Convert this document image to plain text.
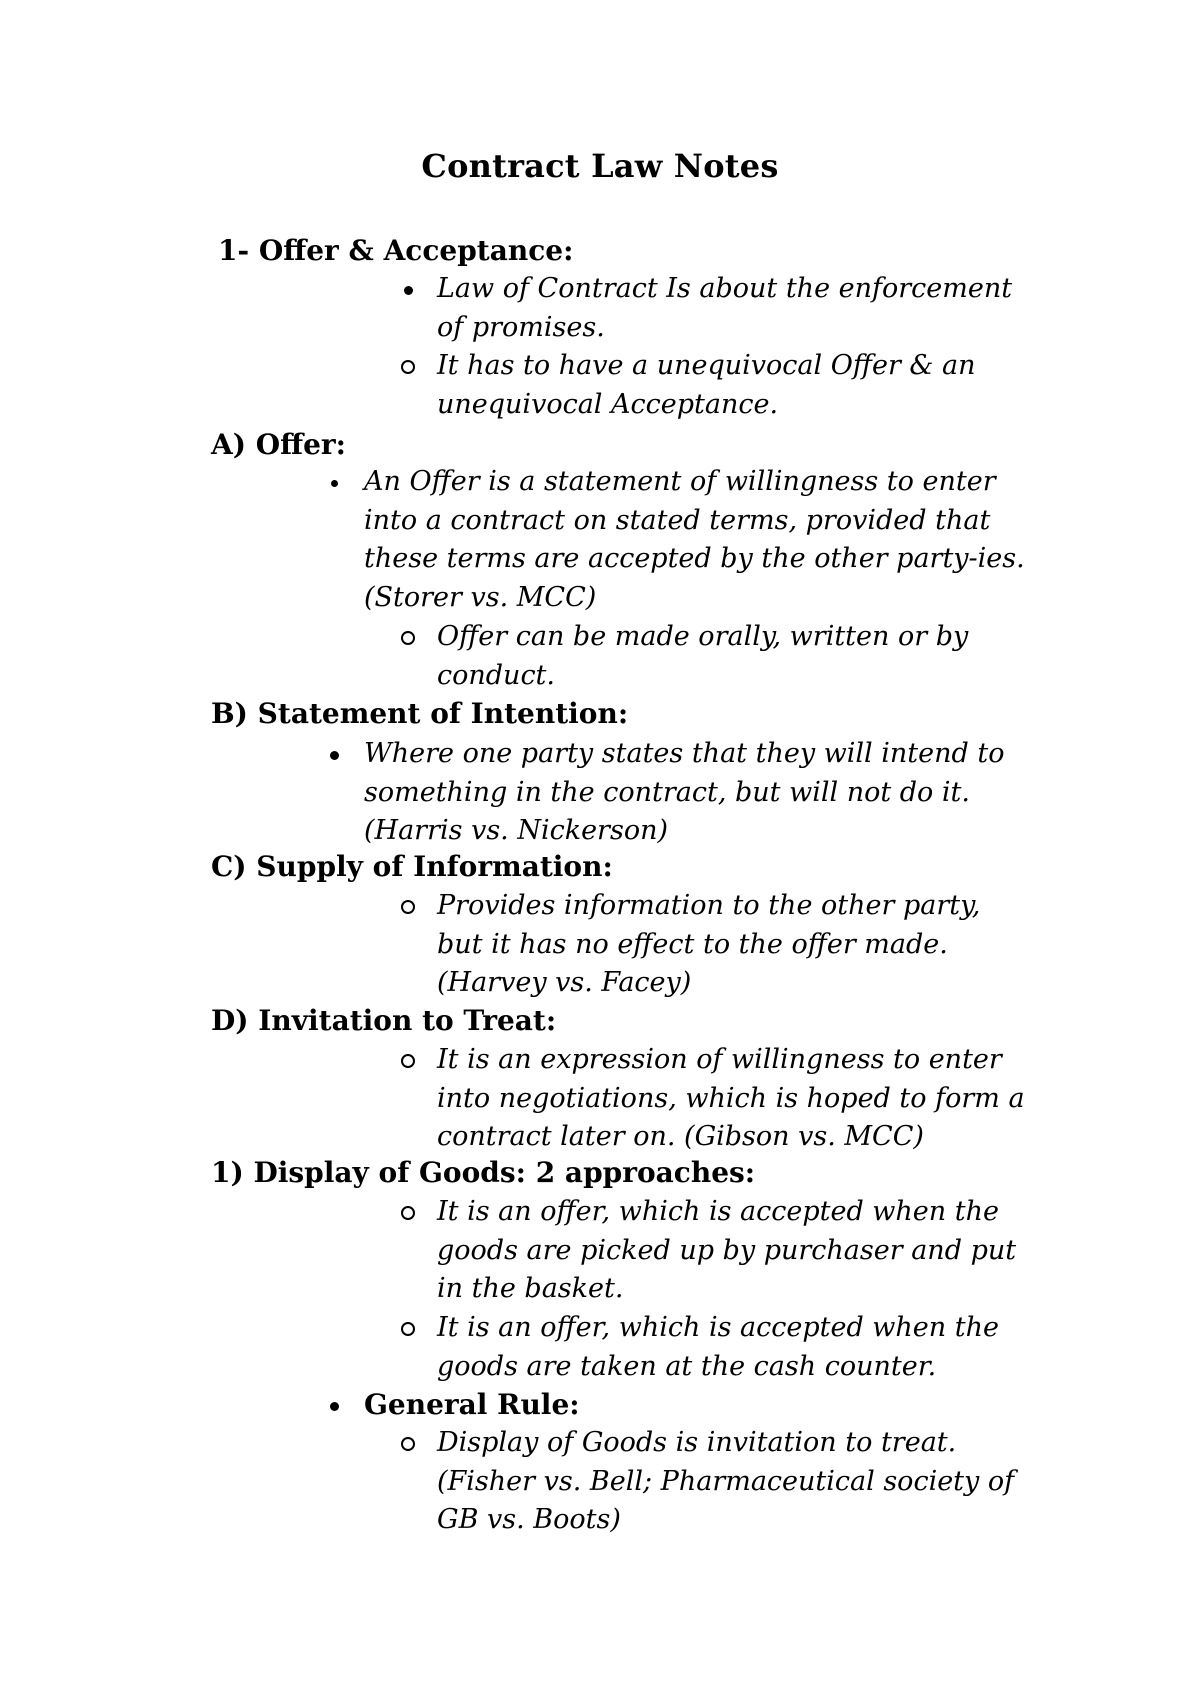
Contract Law Notes
1- Offer & Acceptance:
Law of Contract Is about the enforcement
of promises.
It has to have a unequivocal Offer & an
unequivocal Acceptance.
A) Offer:
An Offer is a statement of willingness to enter
into a contract on stated terms, provided that
these terms are accepted by the other party-ies.
(Storer vs. MCC)
Offer can be made orally, written or by
conduct.
B) Statement of Intention:
Where one party states that they will intend to
something in the contract, but will not do it.
(Harris vs. Nickerson)
C) Supply of Information:
Provides information to the other party,
but it has no effect to the offer made.
(Harvey vs. Facey)
D) Invitation to Treat:
It is an expression of willingness to enter
into negotiations, which is hoped to form a
contract later on. (Gibson vs. MCC)
1) Display of Goods: 2 approaches:
It is an offer, which is accepted when the
goods are picked up by purchaser and put
in the basket.
It is an offer, which is accepted when the
goods are taken at the cash counter.
General Rule:
Display of Goods is invitation to treat.
(Fisher vs. Bell; Pharmaceutical society of
GB vs. Boots)
